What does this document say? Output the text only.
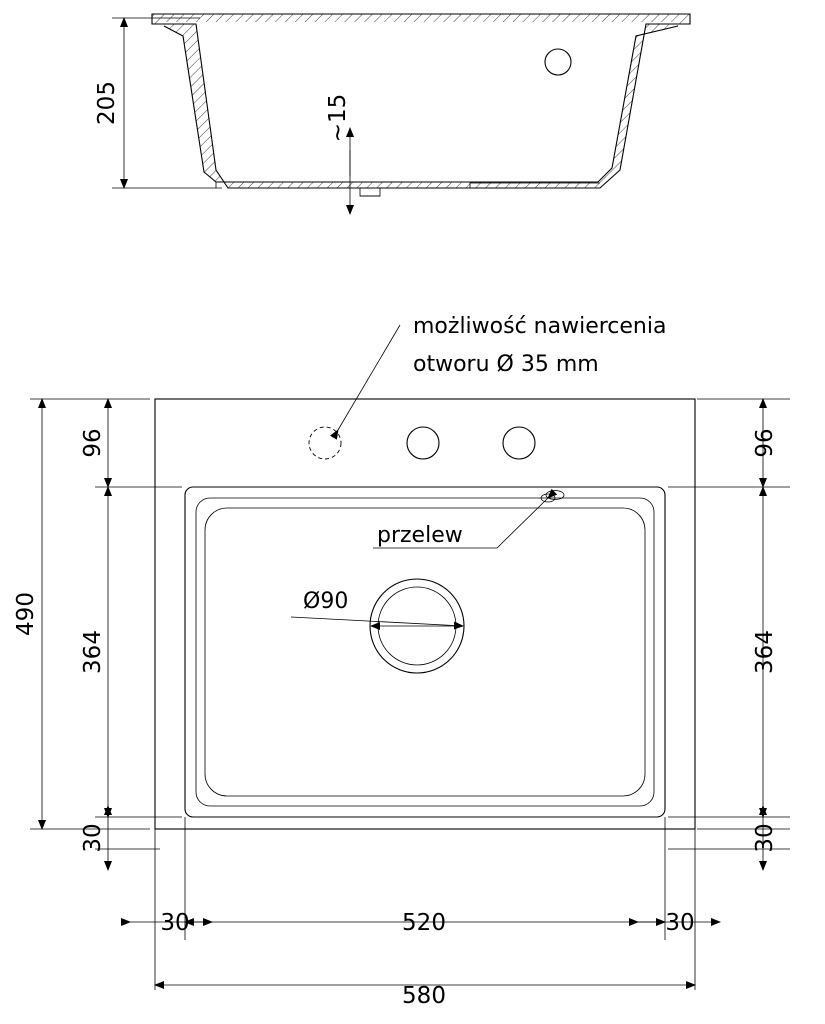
205	~15
możliwość nawiercenia
otworu Ø 35 mm
przelew
Ø90
490
96
364
30
96
364
30
30	520	30
580
